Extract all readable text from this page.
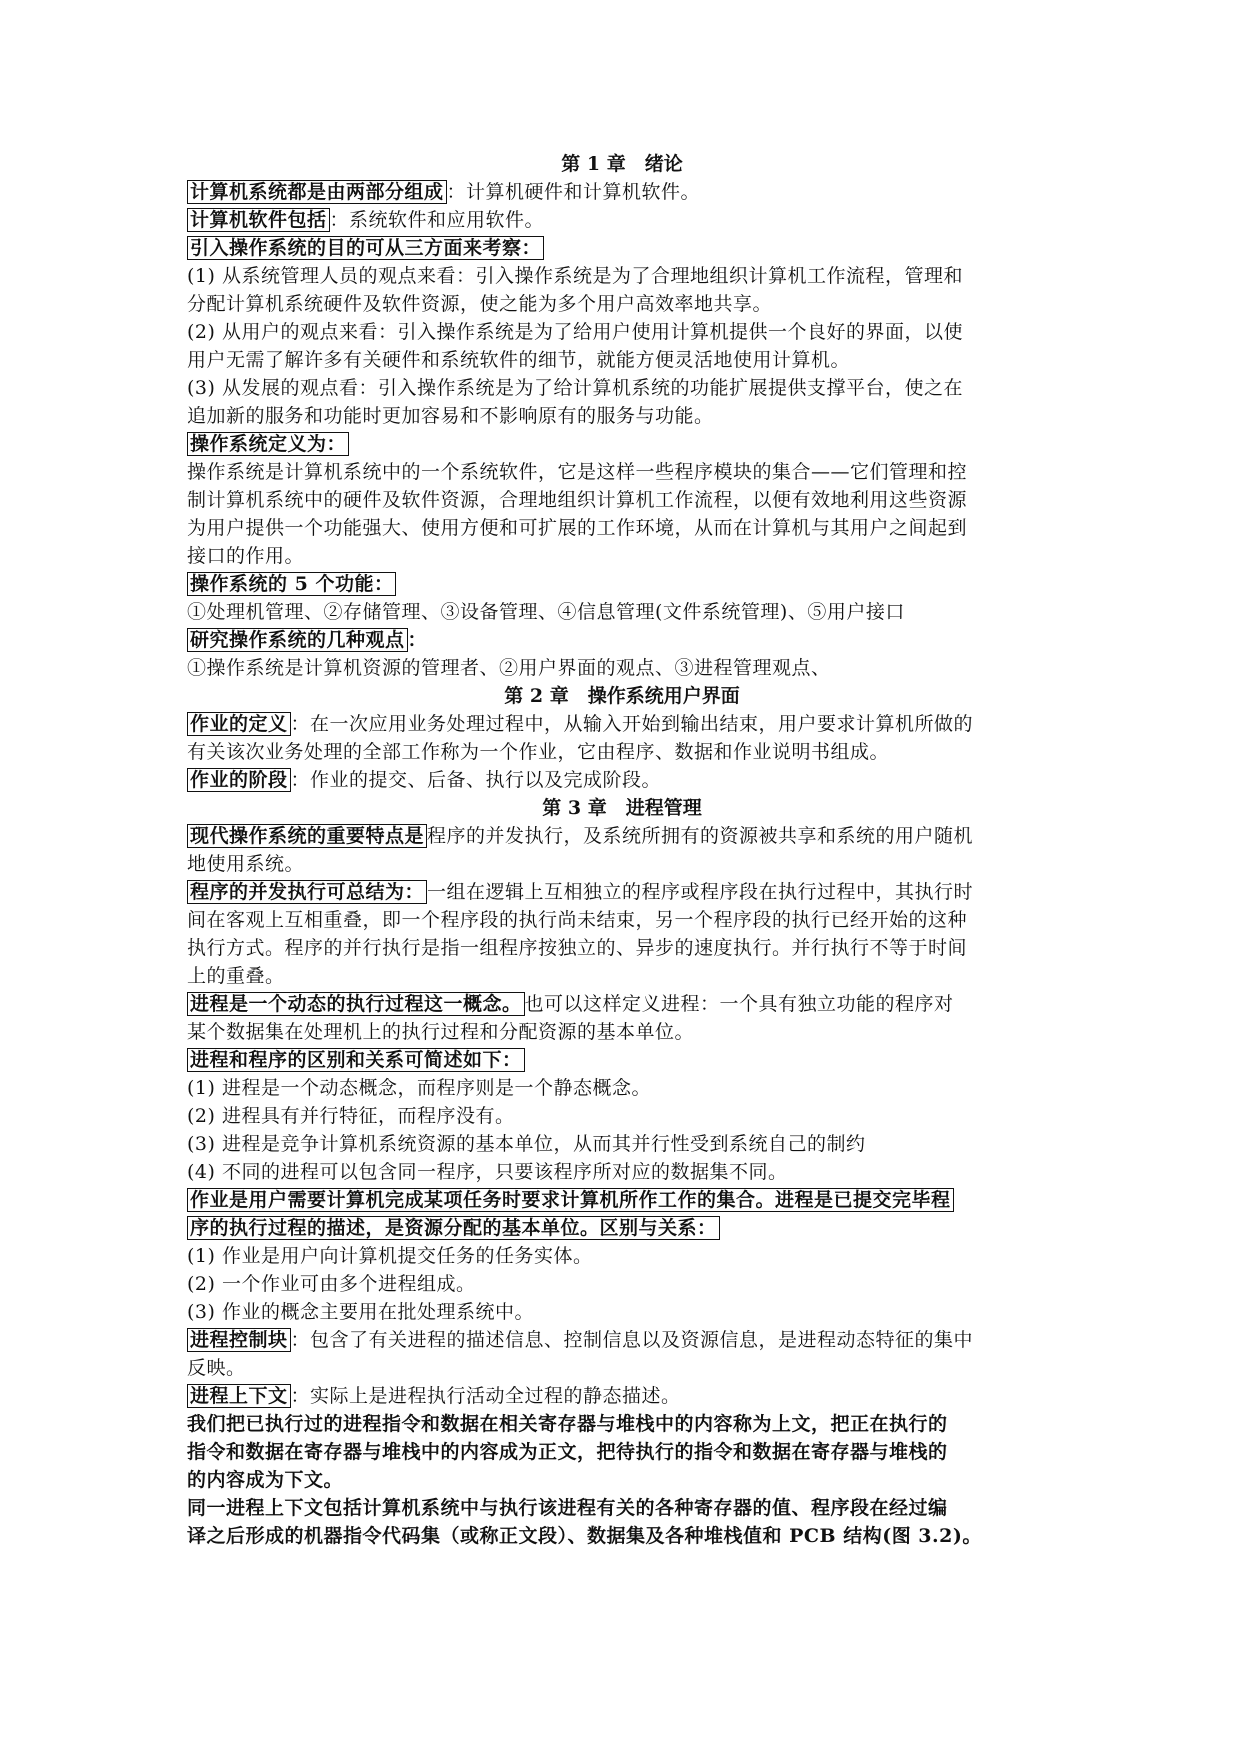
第 1 章　绪论
计算机系统都是由两部分组成 ：计算机硬件和计算机软件。
计算机软件包括 ：系统软件和应用软件。
引入操作系统的目的可从三方面来考察：
(1) 从系统管理人员的观点来看：引入操作系统是为了合理地组织计算机工作流程，管理和
分配计算机系统硬件及软件资源，使之能为多个用户高效率地共享。
(2) 从用户的观点来看：引入操作系统是为了给用户使用计算机提供一个良好的界面，以使
用户无需了解许多有关硬件和系统软件的细节，就能方便灵活地使用计算机。
(3) 从发展的观点看：引入操作系统是为了给计算机系统的功能扩展提供支撑平台，使之在
追加新的服务和功能时更加容易和不影响原有的服务与功能。
操作系统定义为：
操作系统是计算机系统中的一个系统软件，它是这样一些程序模块的集合——它们管理和控
制计算机系统中的硬件及软件资源，合理地组织计算机工作流程，以便有效地利用这些资源
为用户提供一个功能强大、使用方便和可扩展的工作环境，从而在计算机与其用户之间起到
接口的作用。
操作系统的 5 个功能：
①处理机管理、②存储管理、③设备管理、④信息管理(文件系统管理)、⑤用户接口
研究操作系统的几种观点 ：
①操作系统是计算机资源的管理者、②用户界面的观点、③进程管理观点、
第 2 章　操作系统用户界面
作业的定义 ：在一次应用业务处理过程中，从输入开始到输出结束，用户要求计算机所做的
有关该次业务处理的全部工作称为一个作业，它由程序、数据和作业说明书组成。
作业的阶段 ：作业的提交、后备、执行以及完成阶段。
第 3 章　进程管理
现代操作系统的重要特点是 程序的并发执行，及系统所拥有的资源被共享和系统的用户随机
地使用系统。
程序的并发执行可总结为： 一组在逻辑上互相独立的程序或程序段在执行过程中，其执行时
间在客观上互相重叠，即一个程序段的执行尚未结束，另一个程序段的执行已经开始的这种
执行方式。程序的并行执行是指一组程序按独立的、异步的速度执行。并行执行不等于时间
上的重叠。
进程是一个动态的执行过程这一概念。 也可以这样定义进程：一个具有独立功能的程序对
某个数据集在处理机上的执行过程和分配资源的基本单位。
进程和程序的区别和关系可简述如下：
(1) 进程是一个动态概念，而程序则是一个静态概念。
(2) 进程具有并行特征，而程序没有。
(3) 进程是竞争计算机系统资源的基本单位，从而其并行性受到系统自己的制约
(4) 不同的进程可以包含同一程序，只要该程序所对应的数据集不同。
作业是用户需要计算机完成某项任务时要求计算机所作工作的集合。进程是已提交完毕程
序的执行过程的描述，是资源分配的基本单位。区别与关系：
(1) 作业是用户向计算机提交任务的任务实体。
(2) 一个作业可由多个进程组成。
(3) 作业的概念主要用在批处理系统中。
进程控制块 ：包含了有关进程的描述信息、控制信息以及资源信息，是进程动态特征的集中
反映。
进程上下文 ：实际上是进程执行活动全过程的静态描述。
我们把已执行过的进程指令和数据在相关寄存器与堆栈中的内容称为上文，把正在执行的
指令和数据在寄存器与堆栈中的内容成为正文，把待执行的指令和数据在寄存器与堆栈的
的内容成为下文。
同一进程上下文包括计算机系统中与执行该进程有关的各种寄存器的值、程序段在经过编
译之后形成的机器指令代码集（或称正文段）、数据集及各种堆栈值和 PCB 结构(图 3.2)。
